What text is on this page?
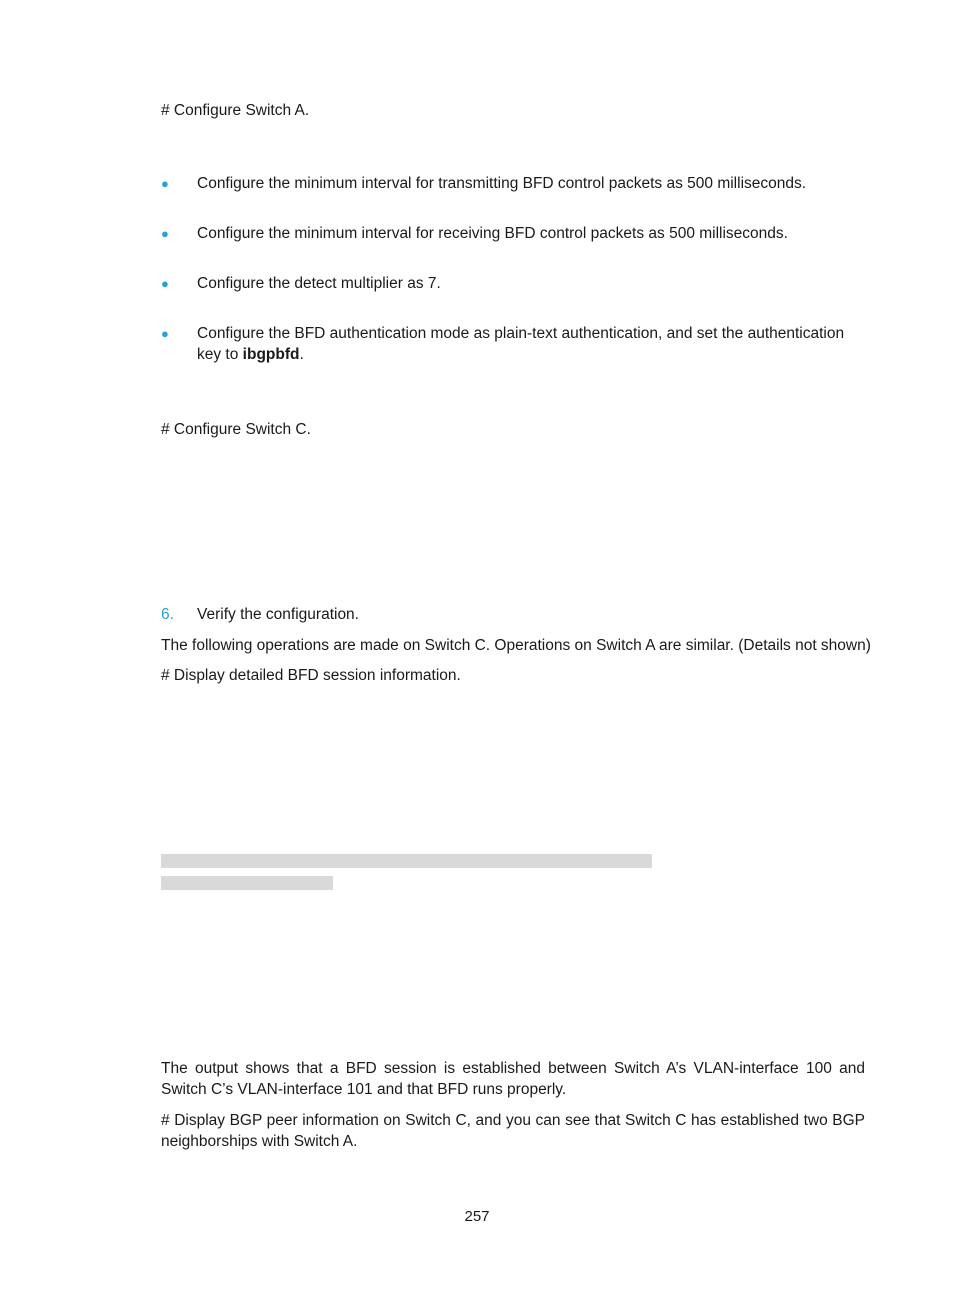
# Configure Switch A.
●	Configure the minimum interval for transmitting BFD control packets as 500 milliseconds.
●	Configure the minimum interval for receiving BFD control packets as 500 milliseconds.
●	Configure the detect multiplier as 7.
●	Configure the BFD authentication mode as plain-text authentication, and set the authentication key to ibgpbfd.
# Configure Switch C.
6. Verify the configuration.
The following operations are made on Switch C. Operations on Switch A are similar. (Details not shown)
# Display detailed BFD session information.
The output shows that a BFD session is established between Switch A’s VLAN-interface 100 and Switch C’s VLAN-interface 101 and that BFD runs properly.
# Display BGP peer information on Switch C, and you can see that Switch C has established two BGP neighborships with Switch A.
257
